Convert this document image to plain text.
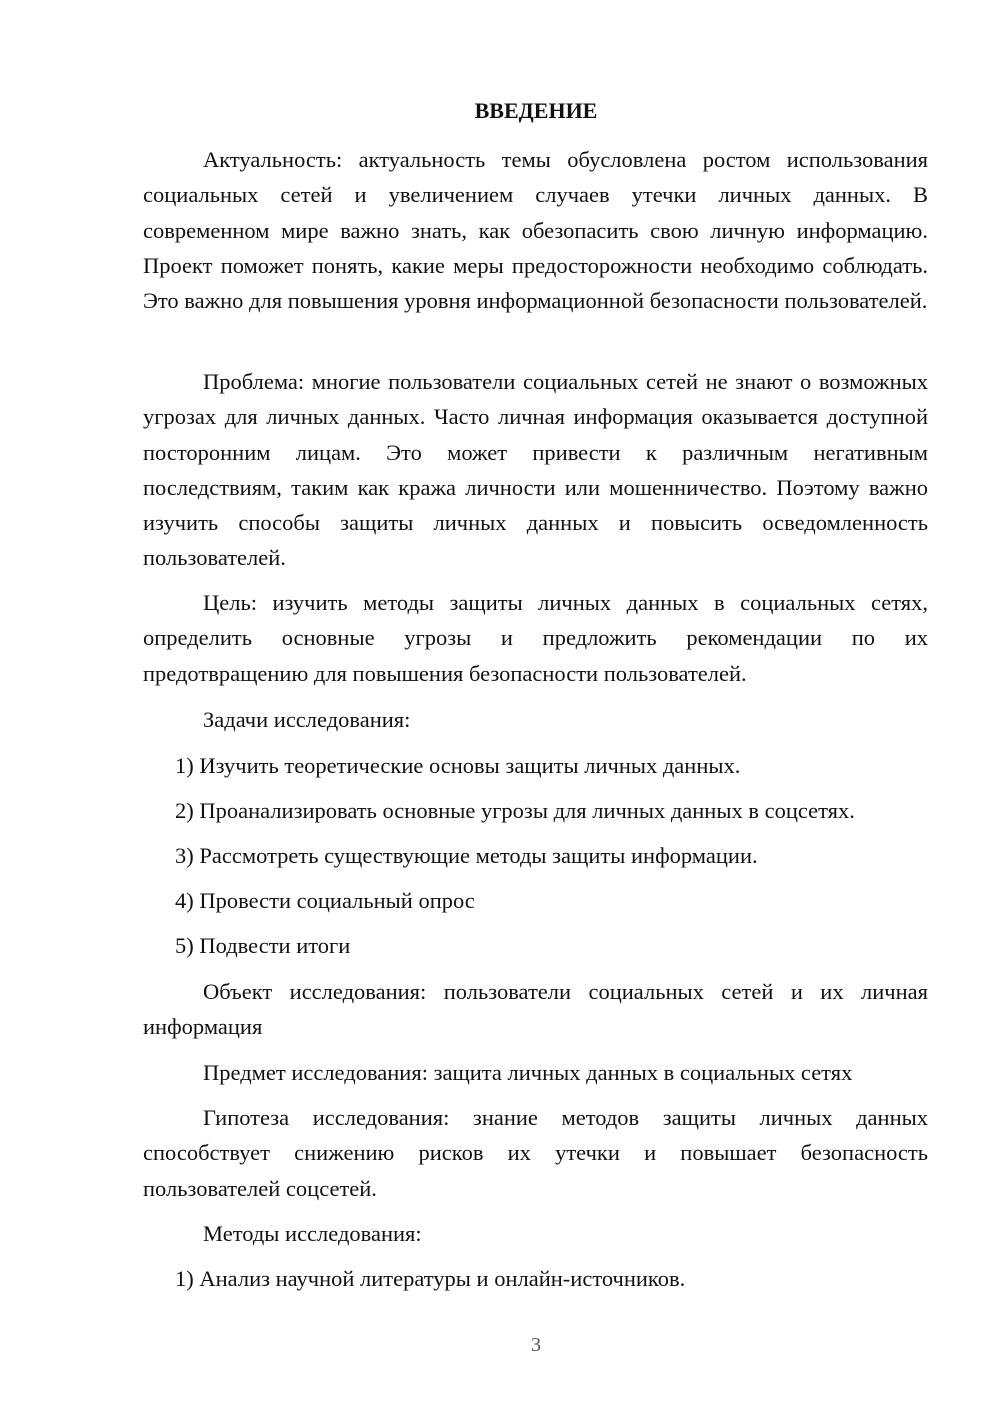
ВВЕДЕНИЕ

Актуальность: актуальность темы обусловлена ростом использования социальных сетей и увеличением случаев утечки личных данных. В современном мире важно знать, как обезопасить свою личную информацию. Проект поможет понять, какие меры предосторожности необходимо соблюдать. Это важно для повышения уровня информационной безопасности пользователей.

Проблема: многие пользователи социальных сетей не знают о возможных угрозах для личных данных. Часто личная информация оказывается доступной посторонним лицам. Это может привести к различным негативным последствиям, таким как кража личности или мошенничество. Поэтому важно изучить способы защиты личных данных и повысить осведомленность пользователей.

Цель: изучить методы защиты личных данных в социальных сетях, определить основные угрозы и предложить рекомендации по их предотвращению для повышения безопасности пользователей.

Задачи исследования:
1) Изучить теоретические основы защиты личных данных.
2) Проанализировать основные угрозы для личных данных в соцсетях.
3) Рассмотреть существующие методы защиты информации.
4) Провести социальный опрос
5) Подвести итоги

Объект исследования: пользователи социальных сетей и их личная информация

Предмет исследования: защита личных данных в социальных сетях

Гипотеза исследования: знание методов защиты личных данных способствует снижению рисков их утечки и повышает безопасность пользователей соцсетей.

Методы исследования:
1) Анализ научной литературы и онлайн-источников.
3
